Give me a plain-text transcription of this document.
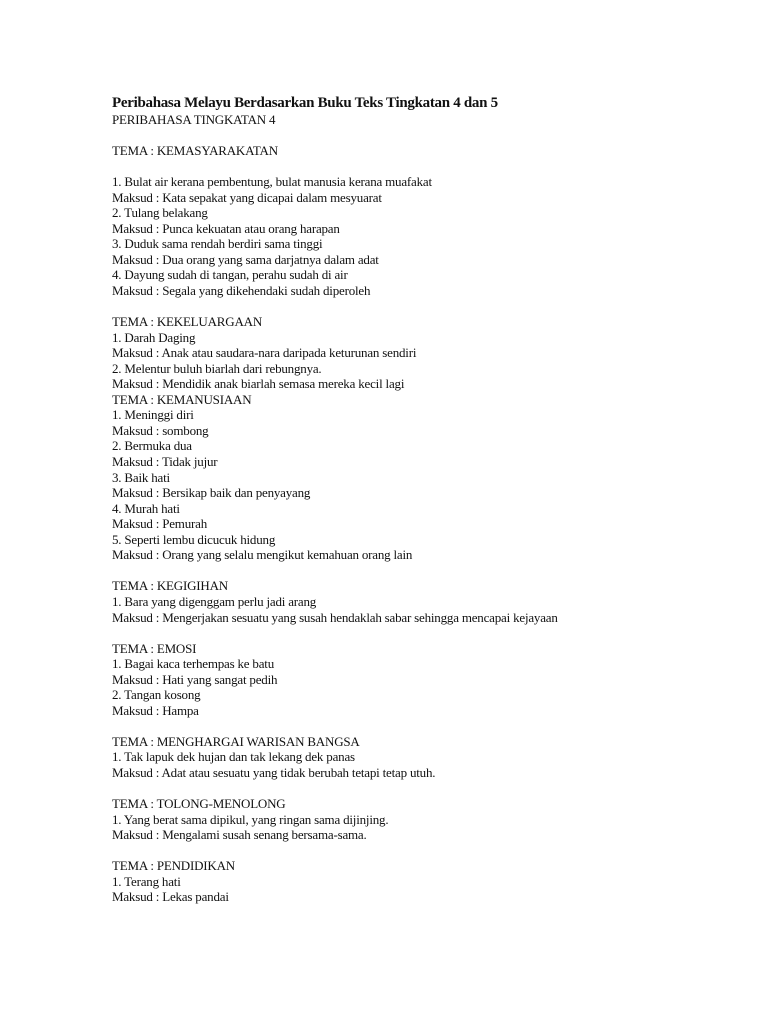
Peribahasa Melayu Berdasarkan Buku Teks Tingkatan 4 dan 5

PERIBAHASA TINGKATAN 4

TEMA : KEMASYARAKATAN

1. Bulat air kerana pembentung, bulat manusia kerana muafakat

Maksud : Kata sepakat yang dicapai dalam mesyuarat

2. Tulang belakang

Maksud : Punca kekuatan atau orang harapan

3. Duduk sama rendah berdiri sama tinggi

Maksud : Dua orang yang sama darjatnya dalam adat

4. Dayung sudah di tangan, perahu sudah di air

Maksud : Segala yang dikehendaki sudah diperoleh

TEMA : KEKELUARGAAN

1. Darah Daging

Maksud : Anak atau saudara-nara daripada keturunan sendiri

2. Melentur buluh biarlah dari rebungnya.

Maksud : Mendidik anak biarlah semasa mereka kecil lagi

TEMA : KEMANUSIAAN

1. Meninggi diri

Maksud : sombong

2. Bermuka dua

Maksud : Tidak jujur

3. Baik hati

Maksud : Bersikap baik dan penyayang

4. Murah hati

Maksud : Pemurah

5. Seperti lembu dicucuk hidung

Maksud : Orang yang selalu mengikut kemahuan orang lain

TEMA : KEGIGIHAN

1. Bara yang digenggam perlu jadi arang

Maksud : Mengerjakan sesuatu yang susah hendaklah sabar sehingga mencapai kejayaan

TEMA : EMOSI

1. Bagai kaca terhempas ke batu

Maksud : Hati yang sangat pedih

2. Tangan kosong

Maksud : Hampa

TEMA : MENGHARGAI WARISAN BANGSA

1. Tak lapuk dek hujan dan tak lekang dek panas

Maksud : Adat atau sesuatu yang tidak berubah tetapi tetap utuh.

TEMA : TOLONG-MENOLONG

1. Yang berat sama dipikul, yang ringan sama dijinjing.

Maksud : Mengalami susah senang bersama-sama.

TEMA : PENDIDIKAN

1. Terang hati

Maksud : Lekas pandai
